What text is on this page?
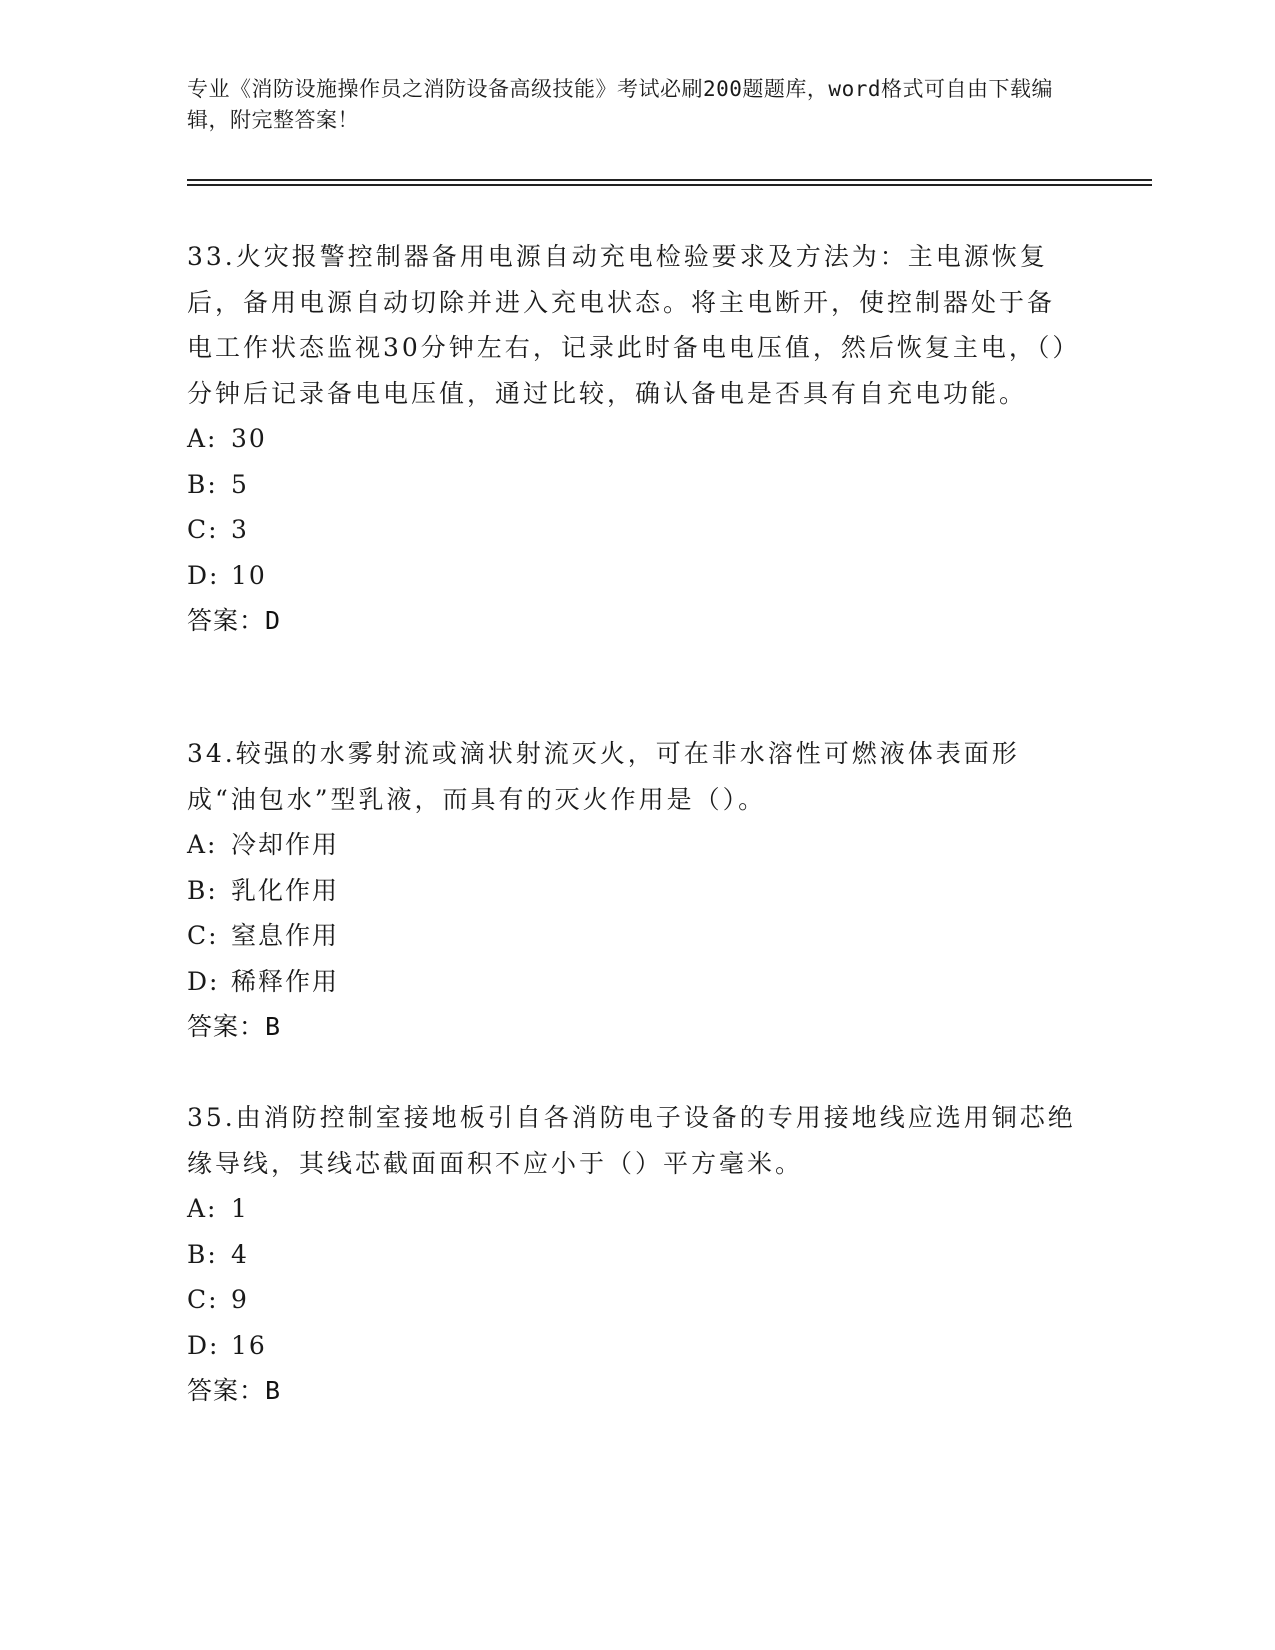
专业《消防设施操作员之消防设备高级技能》考试必刷200题题库，word格式可自由下载编辑，附完整答案！

33.火灾报警控制器备用电源自动充电检验要求及方法为：主电源恢复后，备用电源自动切除并进入充电状态。将主电断开，使控制器处于备电工作状态监视30分钟左右，记录此时备电电压值，然后恢复主电，（）分钟后记录备电电压值，通过比较，确认备电是否具有自充电功能。

A: 30

B: 5

C: 3

D: 10

答案：D

34.较强的水雾射流或滴状射流灭火，可在非水溶性可燃液体表面形成“油包水”型乳液，而具有的灭火作用是（）。

A: 冷却作用

B: 乳化作用

C: 窒息作用

D: 稀释作用

答案：B

35.由消防控制室接地板引自各消防电子设备的专用接地线应选用铜芯绝缘导线，其线芯截面面积不应小于（）平方毫米。

A: 1

B: 4

C: 9

D: 16

答案：B
